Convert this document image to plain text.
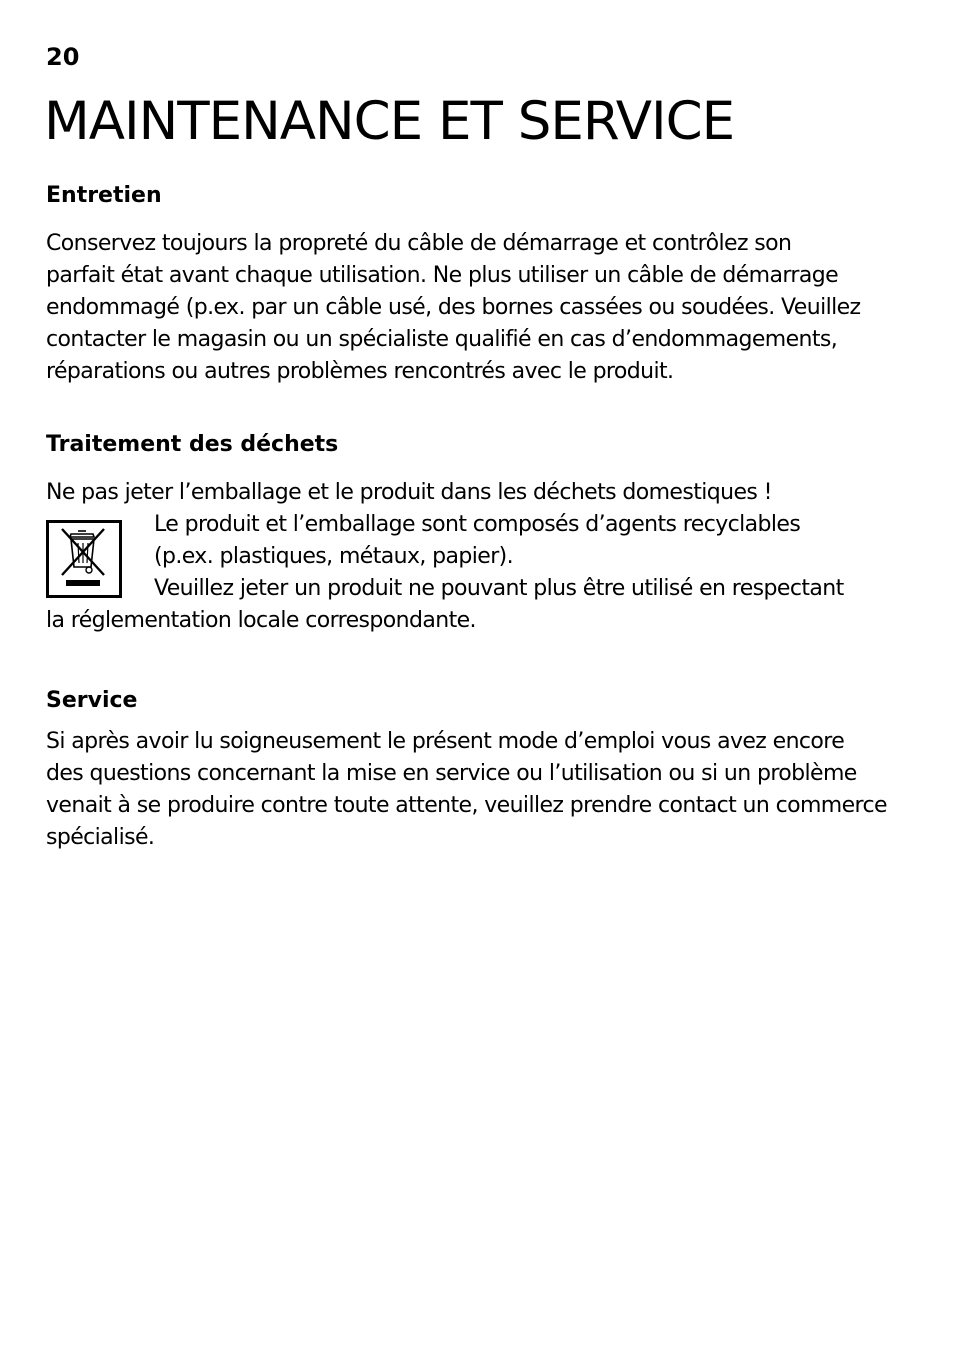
20
MAINTENANCE ET SERVICE
Entretien
Conservez toujours la propreté du câble de démarrage et contrôlez son
parfait état avant chaque utilisation. Ne plus utiliser un câble de démarrage
endommagé (p.ex. par un câble usé, des bornes cassées ou soudées. Veuillez
contacter le magasin ou un spécialiste qualifié en cas d’endommagements,
réparations ou autres problèmes rencontrés avec le produit.
Traitement des déchets
Ne pas jeter l’emballage et le produit dans les déchets domestiques !
Le produit et l’emballage sont composés d’agents recyclables
(p.ex. plastiques, métaux, papier).
Veuillez jeter un produit ne pouvant plus être utilisé en respectant
la réglementation locale correspondante.
Service
Si après avoir lu soigneusement le présent mode d’emploi vous avez encore
des questions concernant la mise en service ou l’utilisation ou si un problème
venait à se produire contre toute attente, veuillez prendre contact un commerce
spécialisé.
